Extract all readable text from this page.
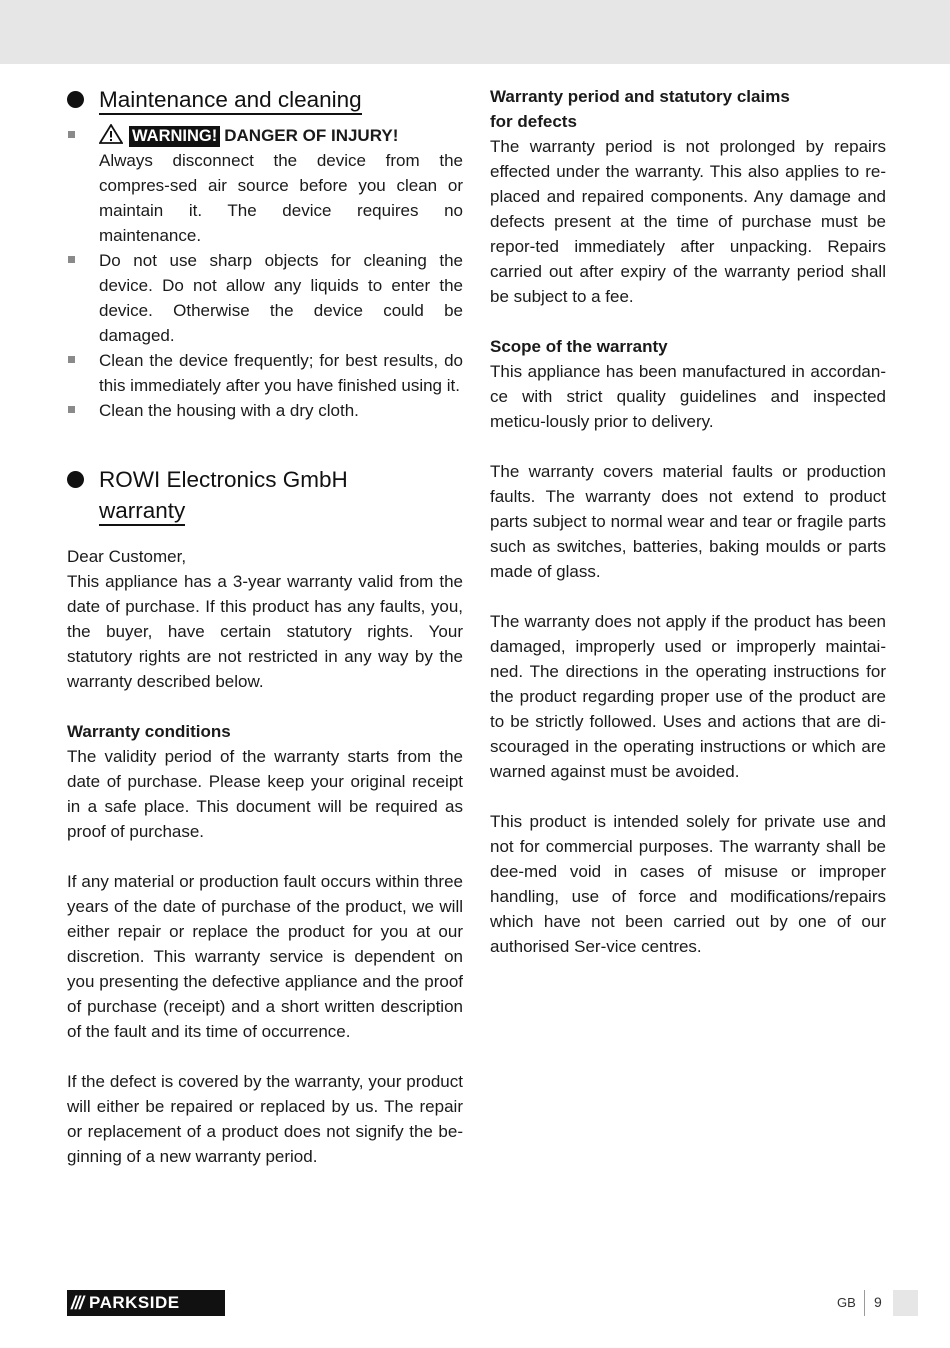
Maintenance and cleaning
WARNING! DANGER OF INJURY!
Always disconnect the device from the compres-sed air source before you clean or maintain it. The device requires no maintenance.
Do not use sharp objects for cleaning the device. Do not allow any liquids to enter the device. Otherwise the device could be damaged.
Clean the device frequently; for best results, do this immediately after you have finished using it.
Clean the housing with a dry cloth.
ROWI Electronics GmbH
warranty

Dear Customer,

This appliance has a 3-year warranty valid from the date of purchase. If this product has any faults, you, the buyer, have certain statutory rights. Your statutory rights are not restricted in any way by the warranty described below.

Warranty conditions

The validity period of the warranty starts from the date of purchase. Please keep your original receipt in a safe place. This document will be required as proof of purchase.

If any material or production fault occurs within three years of the date of purchase of the product, we will either repair or replace the product for you at our discretion. This warranty service is dependent on you presenting the defective appliance and the proof of purchase (receipt) and a short written description of the fault and its time of occurrence.

If the defect is covered by the warranty, your product will either be repaired or replaced by us. The repair or replacement of a product does not signify the be-ginning of a new warranty period.

Warranty period and statutory claims
for defects

The warranty period is not prolonged by repairs effected under the warranty. This also applies to re-placed and repaired components. Any damage and defects present at the time of purchase must be repor-ted immediately after unpacking. Repairs carried out after expiry of the warranty period shall be subject to a fee.

Scope of the warranty

This appliance has been manufactured in accordan-ce with strict quality guidelines and inspected meticu-lously prior to delivery.

The warranty covers material faults or production faults. The warranty does not extend to product parts subject to normal wear and tear or fragile parts such as switches, batteries, baking moulds or parts made of glass.

The warranty does not apply if the product has been damaged, improperly used or improperly maintai-ned. The directions in the operating instructions for the product regarding proper use of the product are to be strictly followed. Uses and actions that are di-scouraged in the operating instructions or which are warned against must be avoided.

This product is intended solely for private use and not for commercial purposes. The warranty shall be dee-med void in cases of misuse or improper handling, use of force and modifications/repairs which have not been carried out by one of our authorised Ser-vice centres.

/// PARKSIDE	GB 9
